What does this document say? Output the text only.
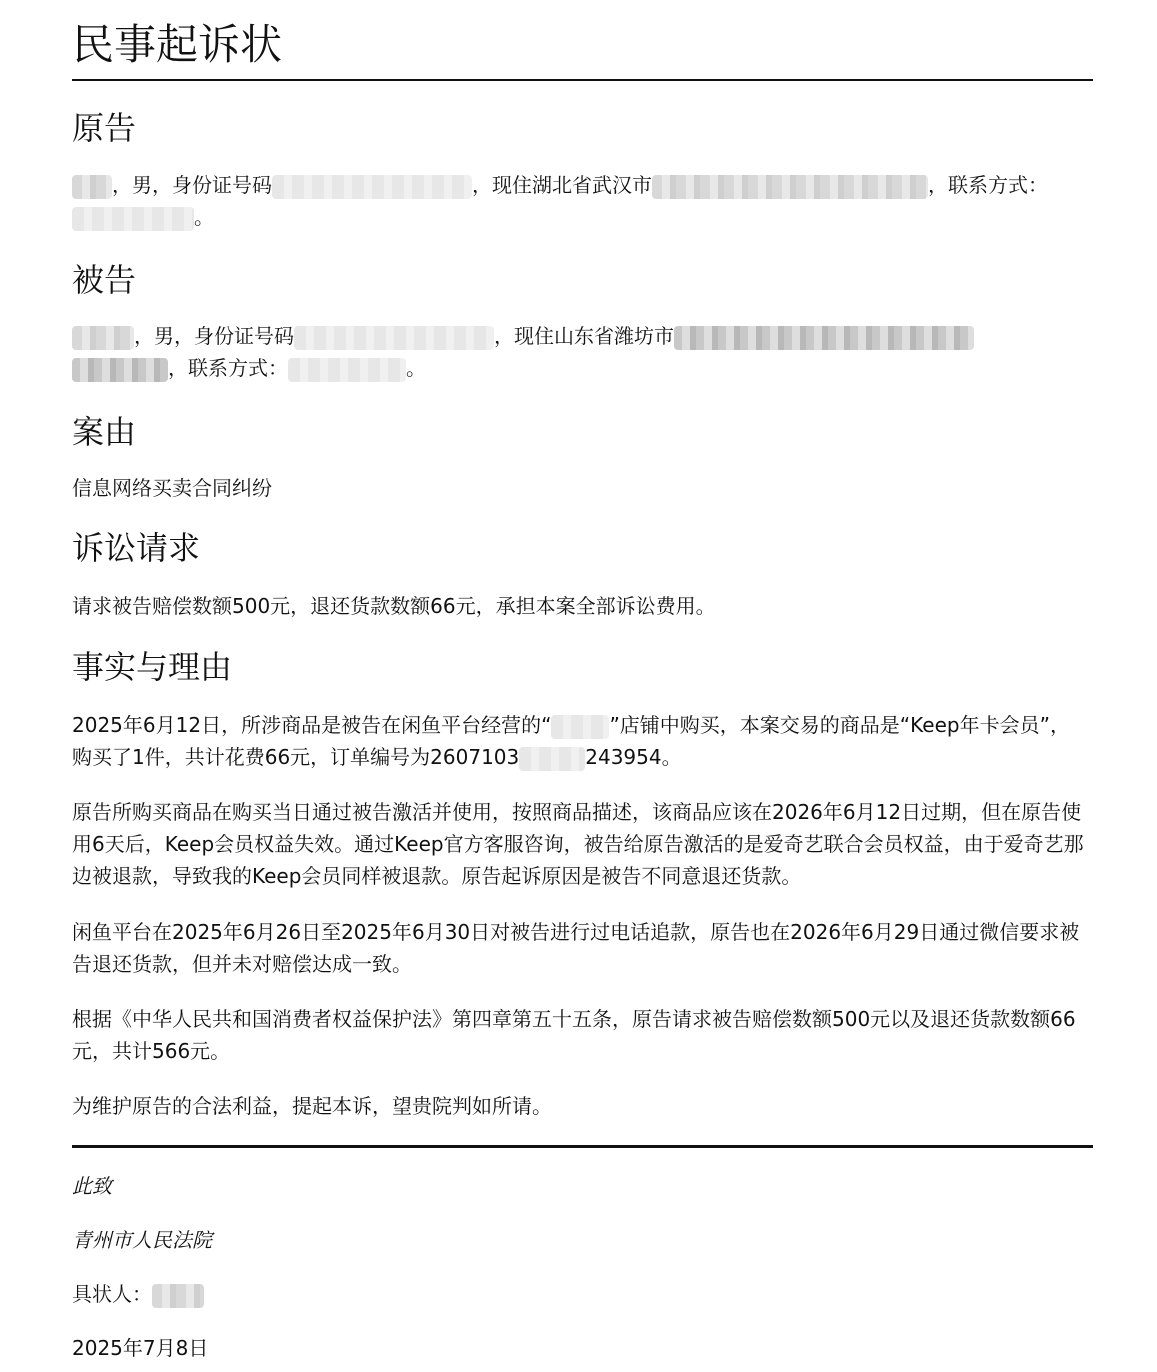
民事起诉状
原告

，男，身份证号码	，现住湖北省武汉市	，联系方式：
。

被告

，男，身份证号码	，现住山东省潍坊市
，联系方式：	。

案由

信息网络买卖合同纠纷

诉讼请求

请求被告赔偿数额500元，退还货款数额66元，承担本案全部诉讼费用。

事实与理由

2025年6月12日，所涉商品是被告在闲鱼平台经营的“	”店铺中购买，本案交易的商品是“Keep年卡会员”，
购买了1件，共计花费66元，订单编号为2607103	243954。

原告所购买商品在购买当日通过被告激活并使用，按照商品描述，该商品应该在2026年6月12日过期，但在原告使用6天后，Keep会员权益失效。通过Keep官方客服咨询，被告给原告激活的是爱奇艺联合会员权益，由于爱奇艺那边被退款，导致我的Keep会员同样被退款。原告起诉原因是被告不同意退还货款。

闲鱼平台在2025年6月26日至2025年6月30日对被告进行过电话追款，原告也在2026年6月29日通过微信要求被告退还货款，但并未对赔偿达成一致。

根据《中华人民共和国消费者权益保护法》第四章第五十五条，原告请求被告赔偿数额500元以及退还货款数额66元，共计566元。

为维护原告的合法利益，提起本诉，望贵院判如所请。

此致

青州市人民法院

具状人：

2025年7月8日
